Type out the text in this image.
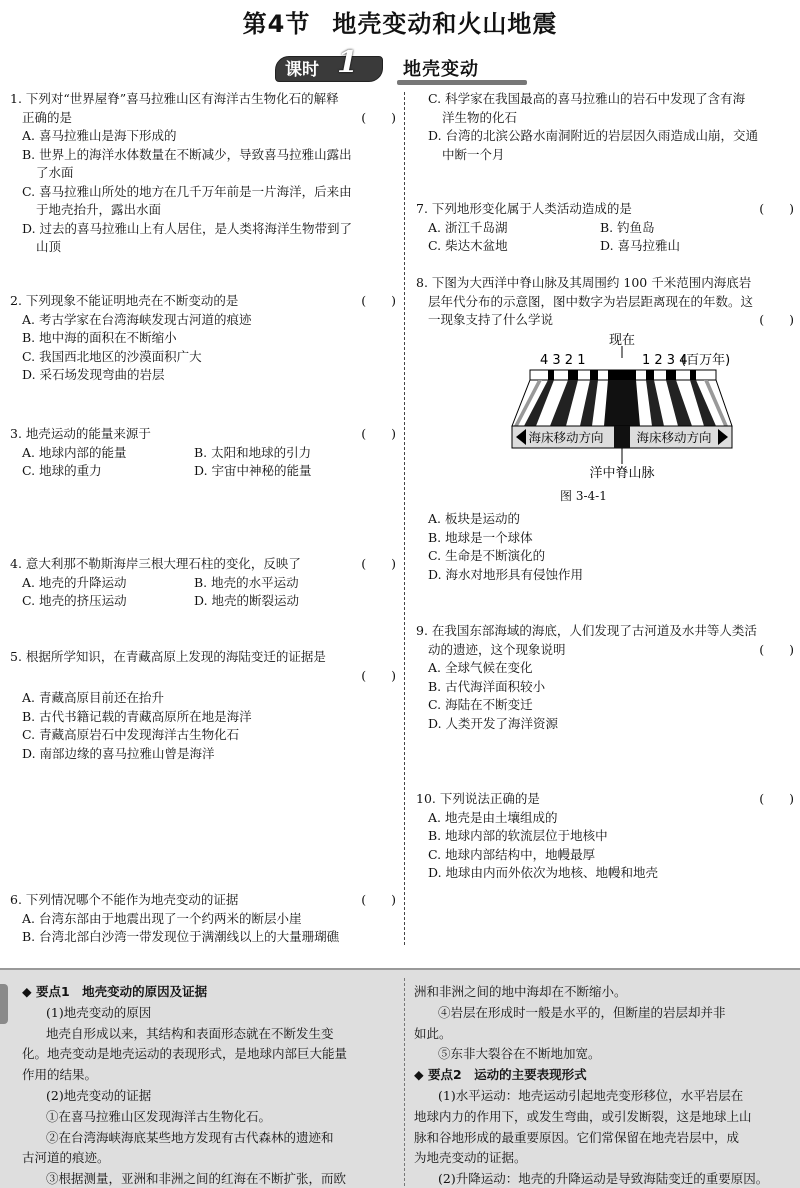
第4节 地壳变动和火山地震
课时 1	地壳变动
1. 下列对“世界屋脊”喜马拉雅山区有海洋古生物化石的解释
正确的是	(　　)
A. 喜马拉雅山是海下形成的
B. 世界上的海洋水体数量在不断减少，导致喜马拉雅山露出
了水面
C. 喜马拉雅山所处的地方在几千万年前是一片海洋，后来由
于地壳抬升，露出水面
D. 过去的喜马拉雅山上有人居住，是人类将海洋生物带到了
山顶
2. 下列现象不能证明地壳在不断变动的是	(　　)
A. 考古学家在台湾海峡发现古河道的痕迹
B. 地中海的面积在不断缩小
C. 我国西北地区的沙漠面积广大
D. 采石场发现弯曲的岩层
3. 地壳运动的能量来源于	(　　)
A. 地球内部的能量	B. 太阳和地球的引力
C. 地球的重力	D. 宇宙中神秘的能量
4. 意大利那不勒斯海岸三根大理石柱的变化，反映了	(　　)
A. 地壳的升降运动	B. 地壳的水平运动
C. 地壳的挤压运动	D. 地壳的断裂运动
5. 根据所学知识，在青藏高原上发现的海陆变迁的证据是
(　　)
A. 青藏高原目前还在抬升
B. 古代书籍记载的青藏高原所在地是海洋
C. 青藏高原岩石中发现海洋古生物化石
D. 南部边缘的喜马拉雅山曾是海洋
6. 下列情况哪个不能作为地壳变动的证据	(　　)
A. 台湾东部由于地震出现了一个约两米的断层小崖
B. 台湾北部白沙湾一带发现位于满潮线以上的大量珊瑚礁
C. 科学家在我国最高的喜马拉雅山的岩石中发现了含有海
洋生物的化石
D. 台湾的北滨公路水南洞附近的岩层因久雨造成山崩，交通
中断一个月
7. 下列地形变化属于人类活动造成的是	(　　)
A. 浙江千岛湖	B. 钓鱼岛
C. 柴达木盆地	D. 喜马拉雅山
8. 下图为大西洋中脊山脉及其周围约 100 千米范围内海底岩
层年代分布的示意图，图中数字为岩层距离现在的年数。这
一现象支持了什么学说	(　　)
现在
4 3 2 1	1 2 3 4
(百万年)
海床移动方向	海床移动方向
洋中脊山脉
图 3-4-1
A. 板块是运动的
B. 地球是一个球体
C. 生命是不断演化的
D. 海水对地形具有侵蚀作用
9. 在我国东部海域的海底，人们发现了古河道及水井等人类活
动的遗迹，这个现象说明	(　　)
A. 全球气候在变化
B. 古代海洋面积较小
C. 海陆在不断变迁
D. 人类开发了海洋资源
10. 下列说法正确的是	(　　)
A. 地壳是由土壤组成的
B. 地球内部的软流层位于地核中
C. 地球内部结构中，地幔最厚
D. 地球由内而外依次为地核、地幔和地壳
◆ 要点1　地壳变动的原因及证据
(1)地壳变动的原因
地壳自形成以来，其结构和表面形态就在不断发生变
化。地壳变动是地壳运动的表现形式，是地球内部巨大能量
作用的结果。
(2)地壳变动的证据
①在喜马拉雅山区发现海洋古生物化石。
②在台湾海峡海底某些地方发现有古代森林的遗迹和
古河道的痕迹。
③根据测量，亚洲和非洲之间的红海在不断扩张，而欧
洲和非洲之间的地中海却在不断缩小。
④岩层在形成时一般是水平的，但断崖的岩层却并非
如此。
⑤东非大裂谷在不断地加宽。
◆ 要点2　运动的主要表现形式
(1)水平运动：地壳运动引起地壳变形移位，水平岩层在
地球内力的作用下，或发生弯曲，或引发断裂，这是地球上山
脉和谷地形成的最重要原因。它们常保留在地壳岩层中，成
为地壳变动的证据。
(2)升降运动：地壳的升降运动是导致海陆变迁的重要原因。
